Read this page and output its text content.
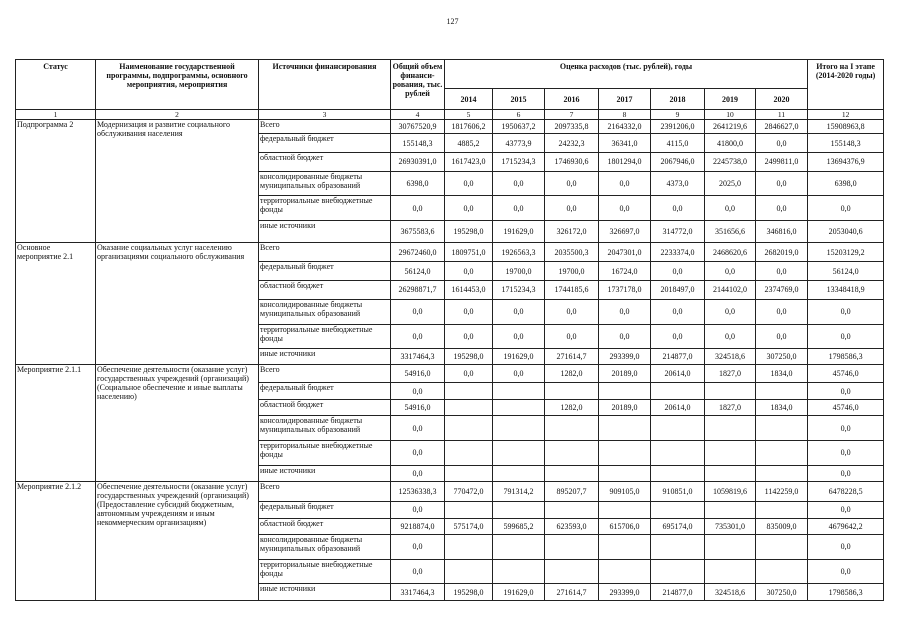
127
Статус	Наименование государственной программы, подпрограммы, основного мероприятия, мероприятия	Источники финансирования	Общий объем финанси-рования, тыс. рублей	Оценка расходов (тыс. рублей), годы							Итого на I этапе (2014-2020 годы)
				2014	2015	2016	2017	2018	2019	2020	
1	2	3	4	5	6	7	8	9	10	11	12
Подпрограмма 2	Модернизация и развитие социального обслуживания населения	Всего	30767520,9	1817606,2	1950637,2	2097335,8	2164332,0	2391206,0	2641219,6	2846627,0	15908963,8
		федеральный бюджет	155148,3	4885,2	43773,9	24232,3	36341,0	4115,0	41800,0	0,0	155148,3
		областной бюджет	26930391,0	1617423,0	1715234,3	1746930,6	1801294,0	2067946,0	2245738,0	2499811,0	13694376,9
		консолидированные бюджеты муниципальных образований	6398,0	0,0	0,0	0,0	0,0	4373,0	2025,0	0,0	6398,0
		территориальные внебюджетные фонды	0,0	0,0	0,0	0,0	0,0	0,0	0,0	0,0	0,0
		иные источники	3675583,6	195298,0	191629,0	326172,0	326697,0	314772,0	351656,6	346816,0	2053040,6
Основное мероприятие 2.1	Оказание социальных услуг населению организациями социального обслуживания	Всего	29672460,0	1809751,0	1926563,3	2035500,3	2047301,0	2233374,0	2468620,6	2682019,0	15203129,2
		федеральный бюджет	56124,0	0,0	19700,0	19700,0	16724,0	0,0	0,0	0,0	56124,0
		областной бюджет	26298871,7	1614453,0	1715234,3	1744185,6	1737178,0	2018497,0	2144102,0	2374769,0	13348418,9
		консолидированные бюджеты муниципальных образований	0,0	0,0	0,0	0,0	0,0	0,0	0,0	0,0	0,0
		территориальные внебюджетные фонды	0,0	0,0	0,0	0,0	0,0	0,0	0,0	0,0	0,0
		иные источники	3317464,3	195298,0	191629,0	271614,7	293399,0	214877,0	324518,6	307250,0	1798586,3
Мероприятие 2.1.1	Обеспечение деятельности (оказание услуг) государственных учреждений (организаций) (Социальное обеспечение и иные выплаты населению)	Всего	54916,0	0,0	0,0	1282,0	20189,0	20614,0	1827,0	1834,0	45746,0
		федеральный бюджет	0,0								0,0
		областной бюджет	54916,0			1282,0	20189,0	20614,0	1827,0	1834,0	45746,0
		консолидированные бюджеты муниципальных образований	0,0								0,0
		территориальные внебюджетные фонды	0,0								0,0
		иные источники	0,0								0,0
Мероприятие 2.1.2	Обеспечение деятельности (оказание услуг) государственных учреждений (организаций) (Предоставление субсидий бюджетным, автономным учреждениям и иным некоммерческим организациям)	Всего	12536338,3	770472,0	791314,2	895207,7	909105,0	910851,0	1059819,6	1142259,0	6478228,5
		федеральный бюджет	0,0								0,0
		областной бюджет	9218874,0	575174,0	599685,2	623593,0	615706,0	695174,0	735301,0	835009,0	4679642,2
		консолидированные бюджеты муниципальных образований	0,0								0,0
		территориальные внебюджетные фонды	0,0								0,0
		иные источники	3317464,3	195298,0	191629,0	271614,7	293399,0	214877,0	324518,6	307250,0	1798586,3
